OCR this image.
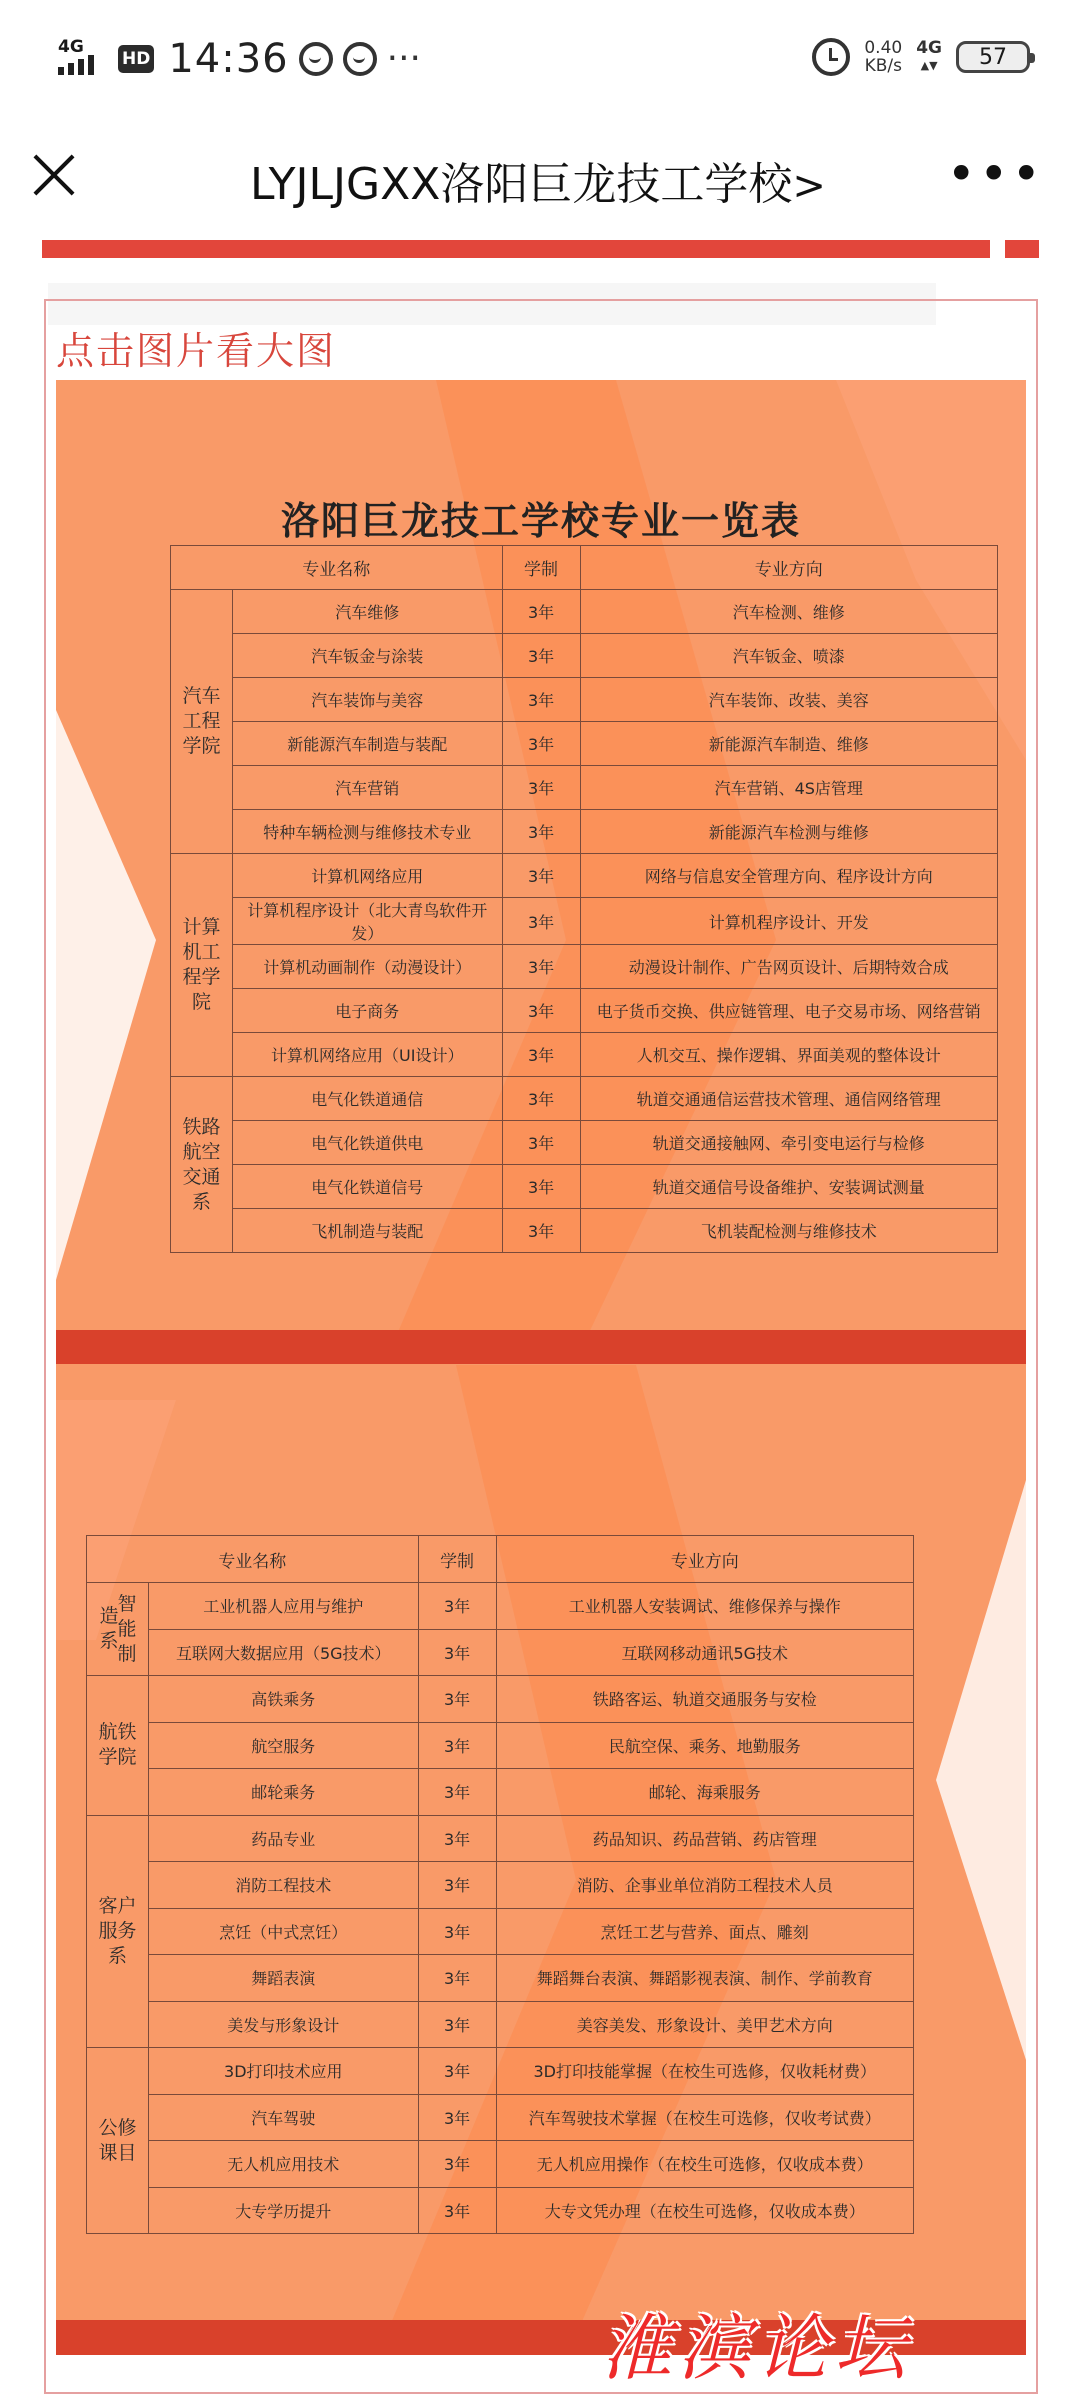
4G
HD 14:36	···	0.40
KB/s
4G
▲▼ 57
LYJLJGXX洛阳巨龙技工学校> •••
点击图片看大图
洛阳巨龙技工学校专业一览表
专业名称		学制	专业方向
汽车工程学院	汽车维修	3年	汽车检测、维修
	汽车钣金与涂装	3年	汽车钣金、喷漆
	汽车装饰与美容	3年	汽车装饰、改装、美容
	新能源汽车制造与装配	3年	新能源汽车制造、维修
	汽车营销	3年	汽车营销、4S店管理
	特种车辆检测与维修技术专业	3年	新能源汽车检测与维修
计算机工程学院	计算机网络应用	3年	网络与信息安全管理方向、程序设计方向
	计算机程序设计（北大青鸟软件开发）	3年	计算机程序设计、开发
	计算机动画制作（动漫设计）	3年	动漫设计制作、广告网页设计、后期特效合成
	电子商务	3年	电子货币交换、供应链管理、电子交易市场、网络营销
	计算机网络应用（UI设计）	3年	人机交互、操作逻辑、界面美观的整体设计
铁路航空交通系	电气化铁道通信	3年	轨道交通通信运营技术管理、通信网络管理
	电气化铁道供电	3年	轨道交通接触网、牵引变电运行与检修
	电气化铁道信号	3年	轨道交通信号设备维护、安装调试测量
	飞机制造与装配	3年	飞机装配检测与维修技术
专业名称		学制	专业方向
造系智能制	工业机器人应用与维护	3年	工业机器人安装调试、维修保养与操作
	互联网大数据应用（5G技术）	3年	互联网移动通讯5G技术
航铁学院	高铁乘务	3年	铁路客运、轨道交通服务与安检
	航空服务	3年	民航空保、乘务、地勤服务
	邮轮乘务	3年	邮轮、海乘服务
客户服务系	药品专业	3年	药品知识、药品营销、药店管理
	消防工程技术	3年	消防、企事业单位消防工程技术人员
	烹饪（中式烹饪）	3年	烹饪工艺与营养、面点、雕刻
	舞蹈表演	3年	舞蹈舞台表演、舞蹈影视表演、制作、学前教育
	美发与形象设计	3年	美容美发、形象设计、美甲艺术方向
公修课目	3D打印技术应用	3年	3D打印技能掌握（在校生可选修，仅收耗材费）
	汽车驾驶	3年	汽车驾驶技术掌握（在校生可选修，仅收考试费）
	无人机应用技术	3年	无人机应用操作（在校生可选修，仅收成本费）
	大专学历提升	3年	大专文凭办理（在校生可选修，仅收成本费）
淮滨论坛
